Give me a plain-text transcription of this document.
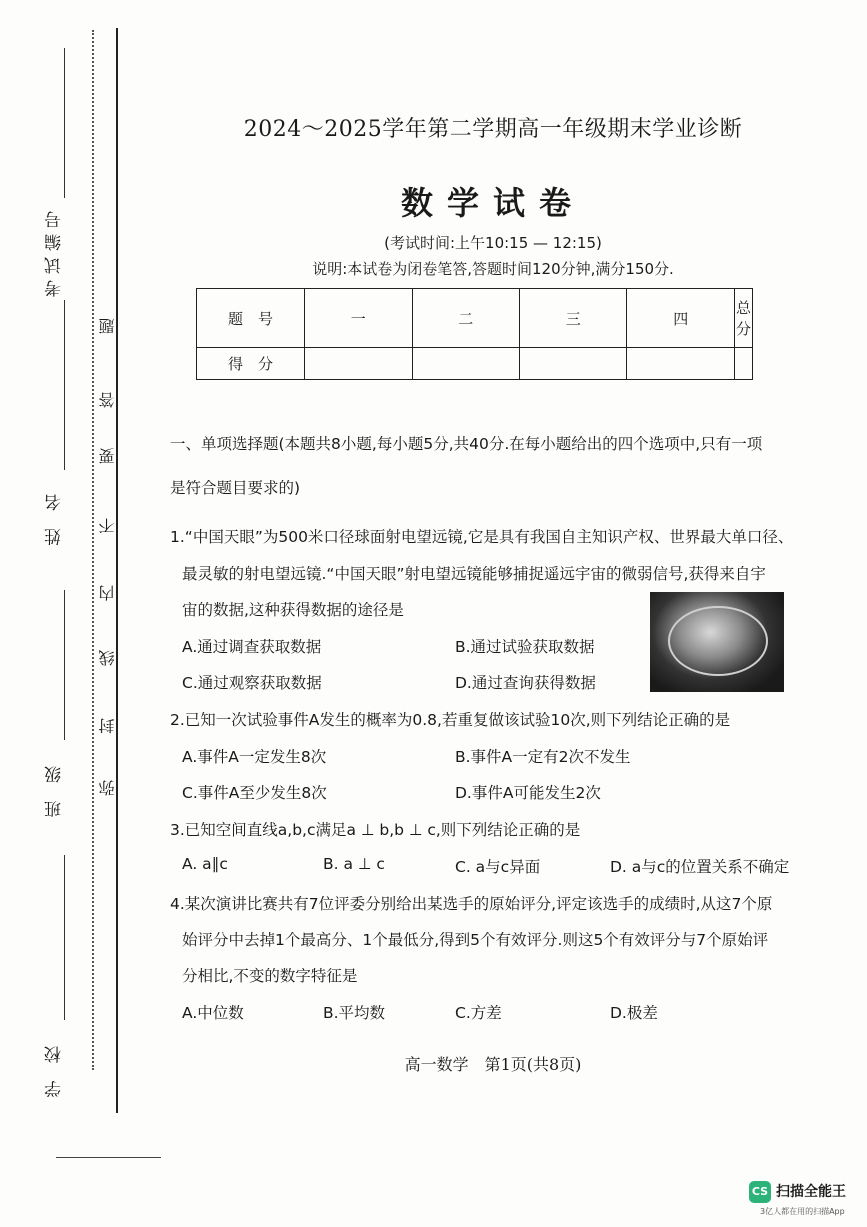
考试编号
姓 名
班 级
学 校
题
答
要
不
内
线
封
弥
2024～2025学年第二学期高一年级期末学业诊断
数学试卷
(考试时间:上午10:15 — 12:15)
说明:本试卷为闭卷笔答,答题时间120分钟,满分150分.
题　号	一	二	三	四	总 分
得　分					
一、单项选择题(本题共8小题,每小题5分,共40分.在每小题给出的四个选项中,只有一项
是符合题目要求的)
1.“中国天眼”为500米口径球面射电望远镜,它是具有我国自主知识产权、世界最大单口径、
最灵敏的射电望远镜.“中国天眼”射电望远镜能够捕捉遥远宇宙的微弱信号,获得来自宇
宙的数据,这种获得数据的途径是
A.通过调查获取数据	B.通过试验获取数据
C.通过观察获取数据	D.通过查询获得数据
2.已知一次试验事件A发生的概率为0.8,若重复做该试验10次,则下列结论正确的是
A.事件A一定发生8次	B.事件A一定有2次不发生
C.事件A至少发生8次	D.事件A可能发生2次
3.已知空间直线a,b,c满足a ⊥ b,b ⊥ c,则下列结论正确的是
A. a∥c	B. a ⊥ c	C. a与c异面	D. a与c的位置关系不确定
4.某次演讲比赛共有7位评委分别给出某选手的原始评分,评定该选手的成绩时,从这7个原
始评分中去掉1个最高分、1个最低分,得到5个有效评分.则这5个有效评分与7个原始评
分相比,不变的数字特征是
A.中位数	B.平均数	C.方差	D.极差
高一数学　第1页(共8页)
CS 扫描全能王
3亿人都在用的扫描App
